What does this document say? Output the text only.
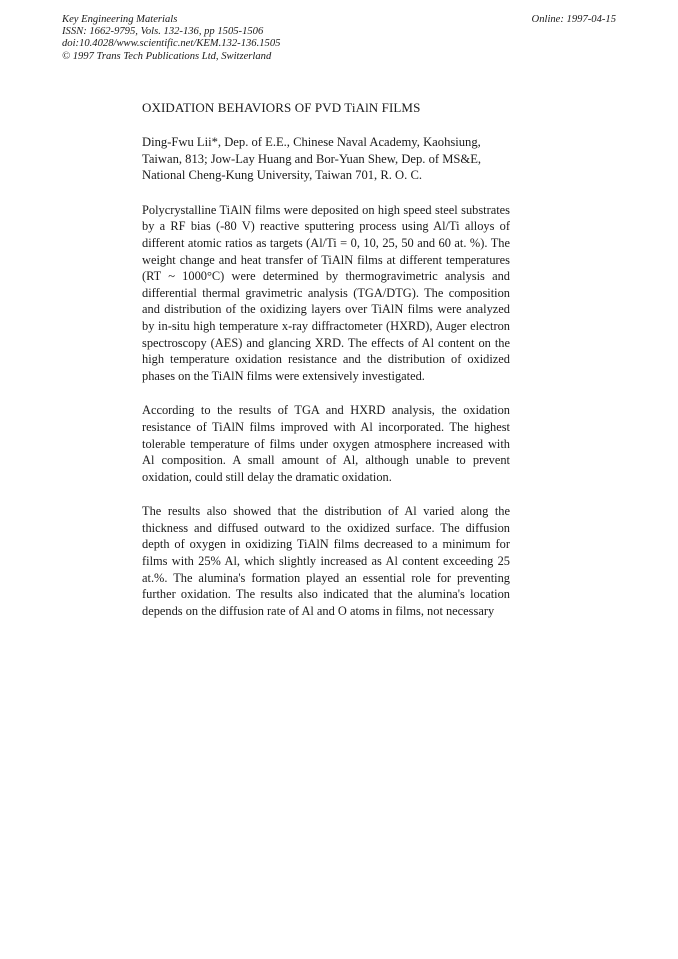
Key Engineering Materials
ISSN: 1662-9795, Vols. 132-136, pp 1505-1506
doi:10.4028/www.scientific.net/KEM.132-136.1505
© 1997 Trans Tech Publications Ltd, Switzerland
Online: 1997-04-15
OXIDATION BEHAVIORS OF PVD TiAlN FILMS
Ding-Fwu Lii*, Dep. of E.E., Chinese Naval Academy, Kaohsiung, Taiwan, 813; Jow-Lay Huang and Bor-Yuan Shew, Dep. of MS&E, National Cheng-Kung University, Taiwan 701, R. O. C.
Polycrystalline TiAlN films were deposited on high speed steel substrates by a RF bias (-80 V) reactive sputtering process using Al/Ti alloys of different atomic ratios as targets (Al/Ti = 0, 10, 25, 50 and 60 at. %). The weight change and heat transfer of TiAlN films at different temperatures (RT ~ 1000°C) were determined by thermogravimetric analysis and differential thermal gravimetric analysis (TGA/DTG). The composition and distribution of the oxidizing layers over TiAlN films were analyzed by in-situ high temperature x-ray diffractometer (HXRD), Auger electron spectroscopy (AES) and glancing XRD. The effects of Al content on the high temperature oxidation resistance and the distribution of oxidized phases on the TiAlN films were extensively investigated.
According to the results of TGA and HXRD analysis, the oxidation resistance of TiAlN films improved with Al incorporated. The highest tolerable temperature of films under oxygen atmosphere increased with Al composition. A small amount of Al, although unable to prevent oxidation, could still delay the dramatic oxidation.
The results also showed that the distribution of Al varied along the thickness and diffused outward to the oxidized surface. The diffusion depth of oxygen in oxidizing TiAlN films decreased to a minimum for films with 25% Al, which slightly increased as Al content exceeding 25 at.%. The alumina's formation played an essential role for preventing further oxidation. The results also indicated that the alumina's location depends on the diffusion rate of Al and O atoms in films, not necessary
